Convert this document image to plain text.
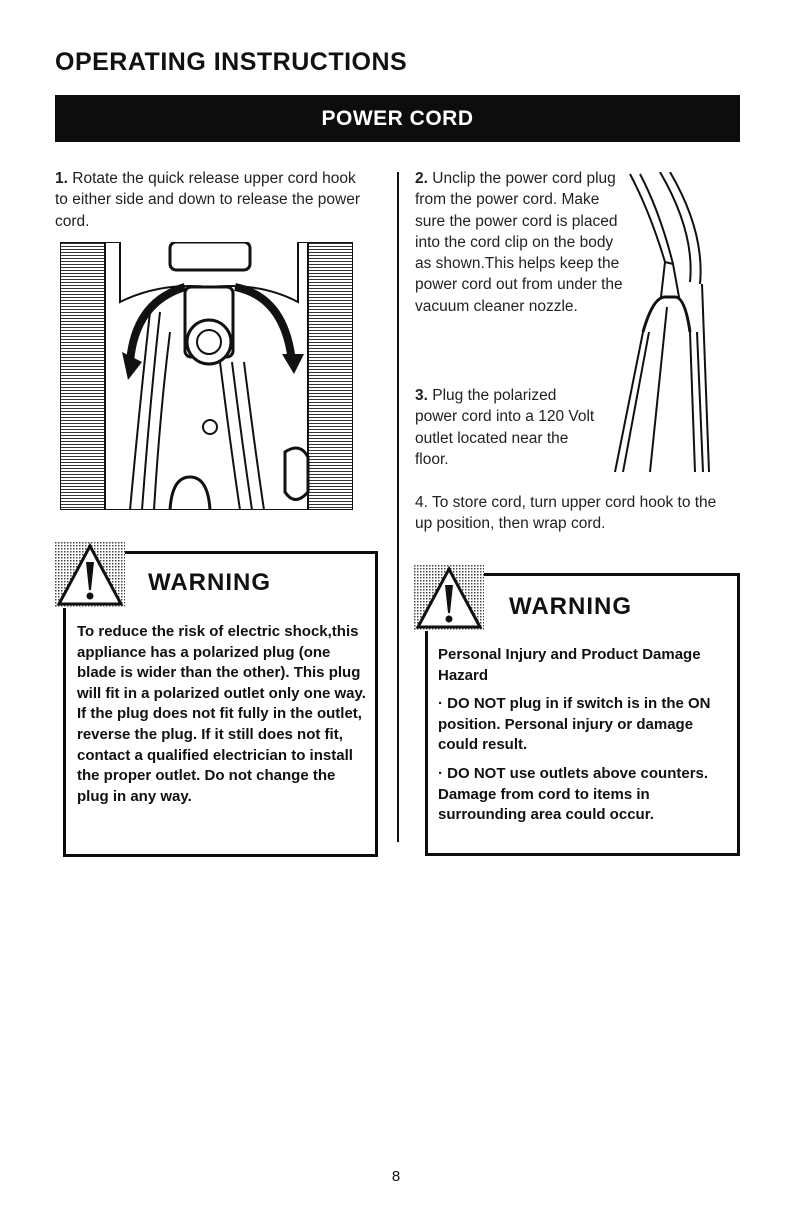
OPERATING INSTRUCTIONS
POWER CORD
1. Rotate the quick release upper cord hook to either side and down to release the power cord.
2. Unclip the power cord plug from the power cord. Make sure the power cord is placed into the cord clip on the body as shown.This helps keep the power cord out from under the vacuum cleaner nozzle.
3. Plug the polarized power cord into a 120 Volt outlet located near the floor.
4. To store cord, turn upper cord hook to the up position, then wrap cord.
WARNING
To reduce the risk of electric shock,this appliance has a polarized plug (one blade is wider than the other). This plug will fit in a polarized outlet only one way. If the plug does not fit fully in the outlet, reverse the plug. If it still does not fit, contact a qualified electrician to install the proper outlet. Do not change the plug in any way.
WARNING
Personal Injury and Product Damage Hazard
· DO NOT plug in if switch is in the ON position. Personal injury or damage could result.
· DO NOT use outlets above counters. Damage from cord to items in surrounding area could occur.
8
